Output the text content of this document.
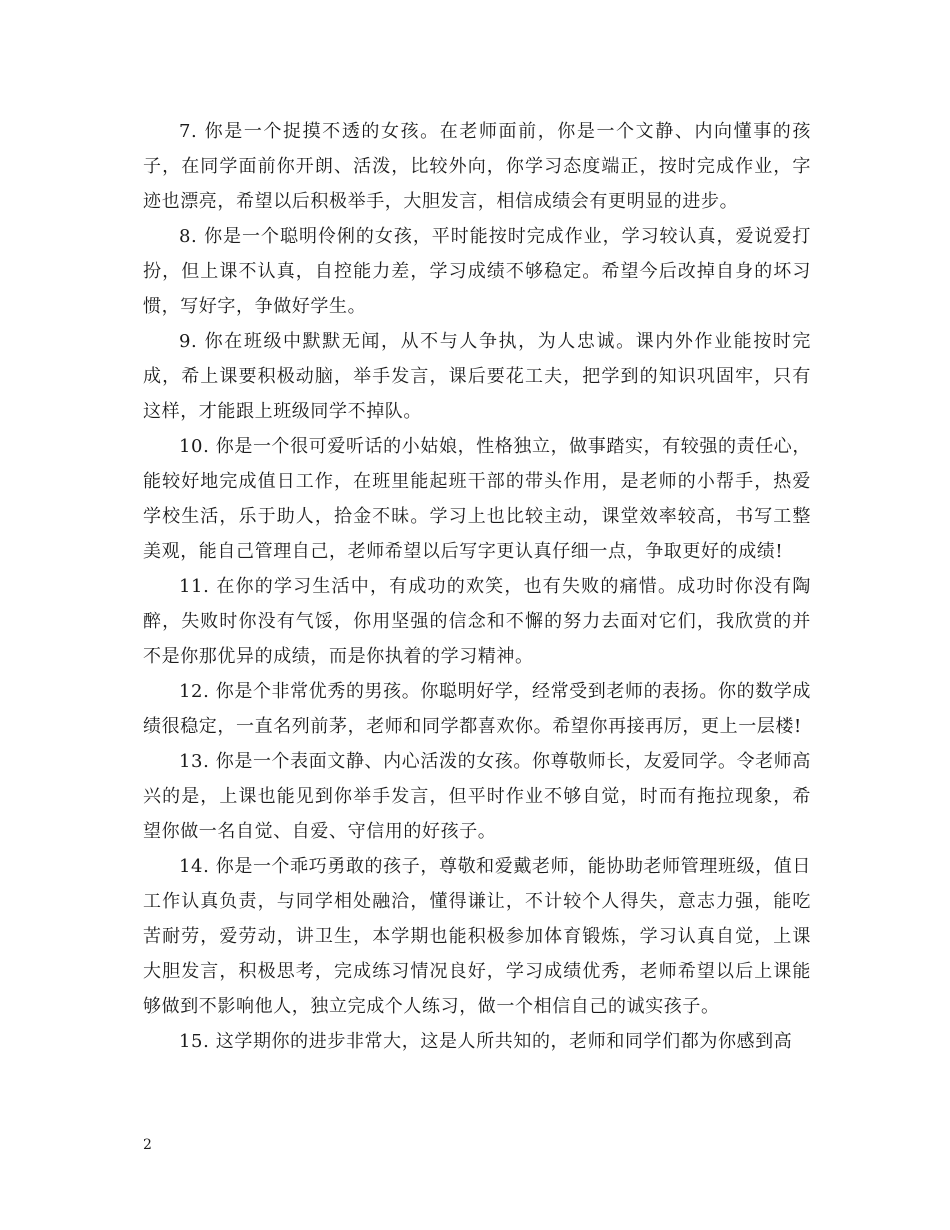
7. 你是一个捉摸不透的女孩。在老师面前，你是一个文静、内向懂事的孩子，在同学面前你开朗、活泼，比较外向，你学习态度端正，按时完成作业，字迹也漂亮，希望以后积极举手，大胆发言，相信成绩会有更明显的进步。

8. 你是一个聪明伶俐的女孩，平时能按时完成作业，学习较认真，爱说爱打扮，但上课不认真，自控能力差，学习成绩不够稳定。希望今后改掉自身的坏习惯，写好字，争做好学生。

9. 你在班级中默默无闻，从不与人争执，为人忠诚。课内外作业能按时完成，希上课要积极动脑，举手发言，课后要花工夫，把学到的知识巩固牢，只有这样，才能跟上班级同学不掉队。

10. 你是一个很可爱听话的小姑娘，性格独立，做事踏实，有较强的责任心，能较好地完成值日工作，在班里能起班干部的带头作用，是老师的小帮手，热爱学校生活，乐于助人，拾金不昧。学习上也比较主动，课堂效率较高，书写工整美观，能自己管理自己，老师希望以后写字更认真仔细一点，争取更好的成绩!

11. 在你的学习生活中，有成功的欢笑，也有失败的痛惜。成功时你没有陶醉，失败时你没有气馁，你用坚强的信念和不懈的努力去面对它们，我欣赏的并不是你那优异的成绩，而是你执着的学习精神。

12. 你是个非常优秀的男孩。你聪明好学，经常受到老师的表扬。你的数学成绩很稳定，一直名列前茅，老师和同学都喜欢你。希望你再接再厉，更上一层楼!

13. 你是一个表面文静、内心活泼的女孩。你尊敬师长，友爱同学。令老师高兴的是，上课也能见到你举手发言，但平时作业不够自觉，时而有拖拉现象，希望你做一名自觉、自爱、守信用的好孩子。

14. 你是一个乖巧勇敢的孩子，尊敬和爱戴老师，能协助老师管理班级，值日工作认真负责，与同学相处融洽，懂得谦让，不计较个人得失，意志力强，能吃苦耐劳，爱劳动，讲卫生，本学期也能积极参加体育锻炼，学习认真自觉，上课大胆发言，积极思考，完成练习情况良好，学习成绩优秀，老师希望以后上课能够做到不影响他人，独立完成个人练习，做一个相信自己的诚实孩子。

15. 这学期你的进步非常大，这是人所共知的，老师和同学们都为你感到高

2
